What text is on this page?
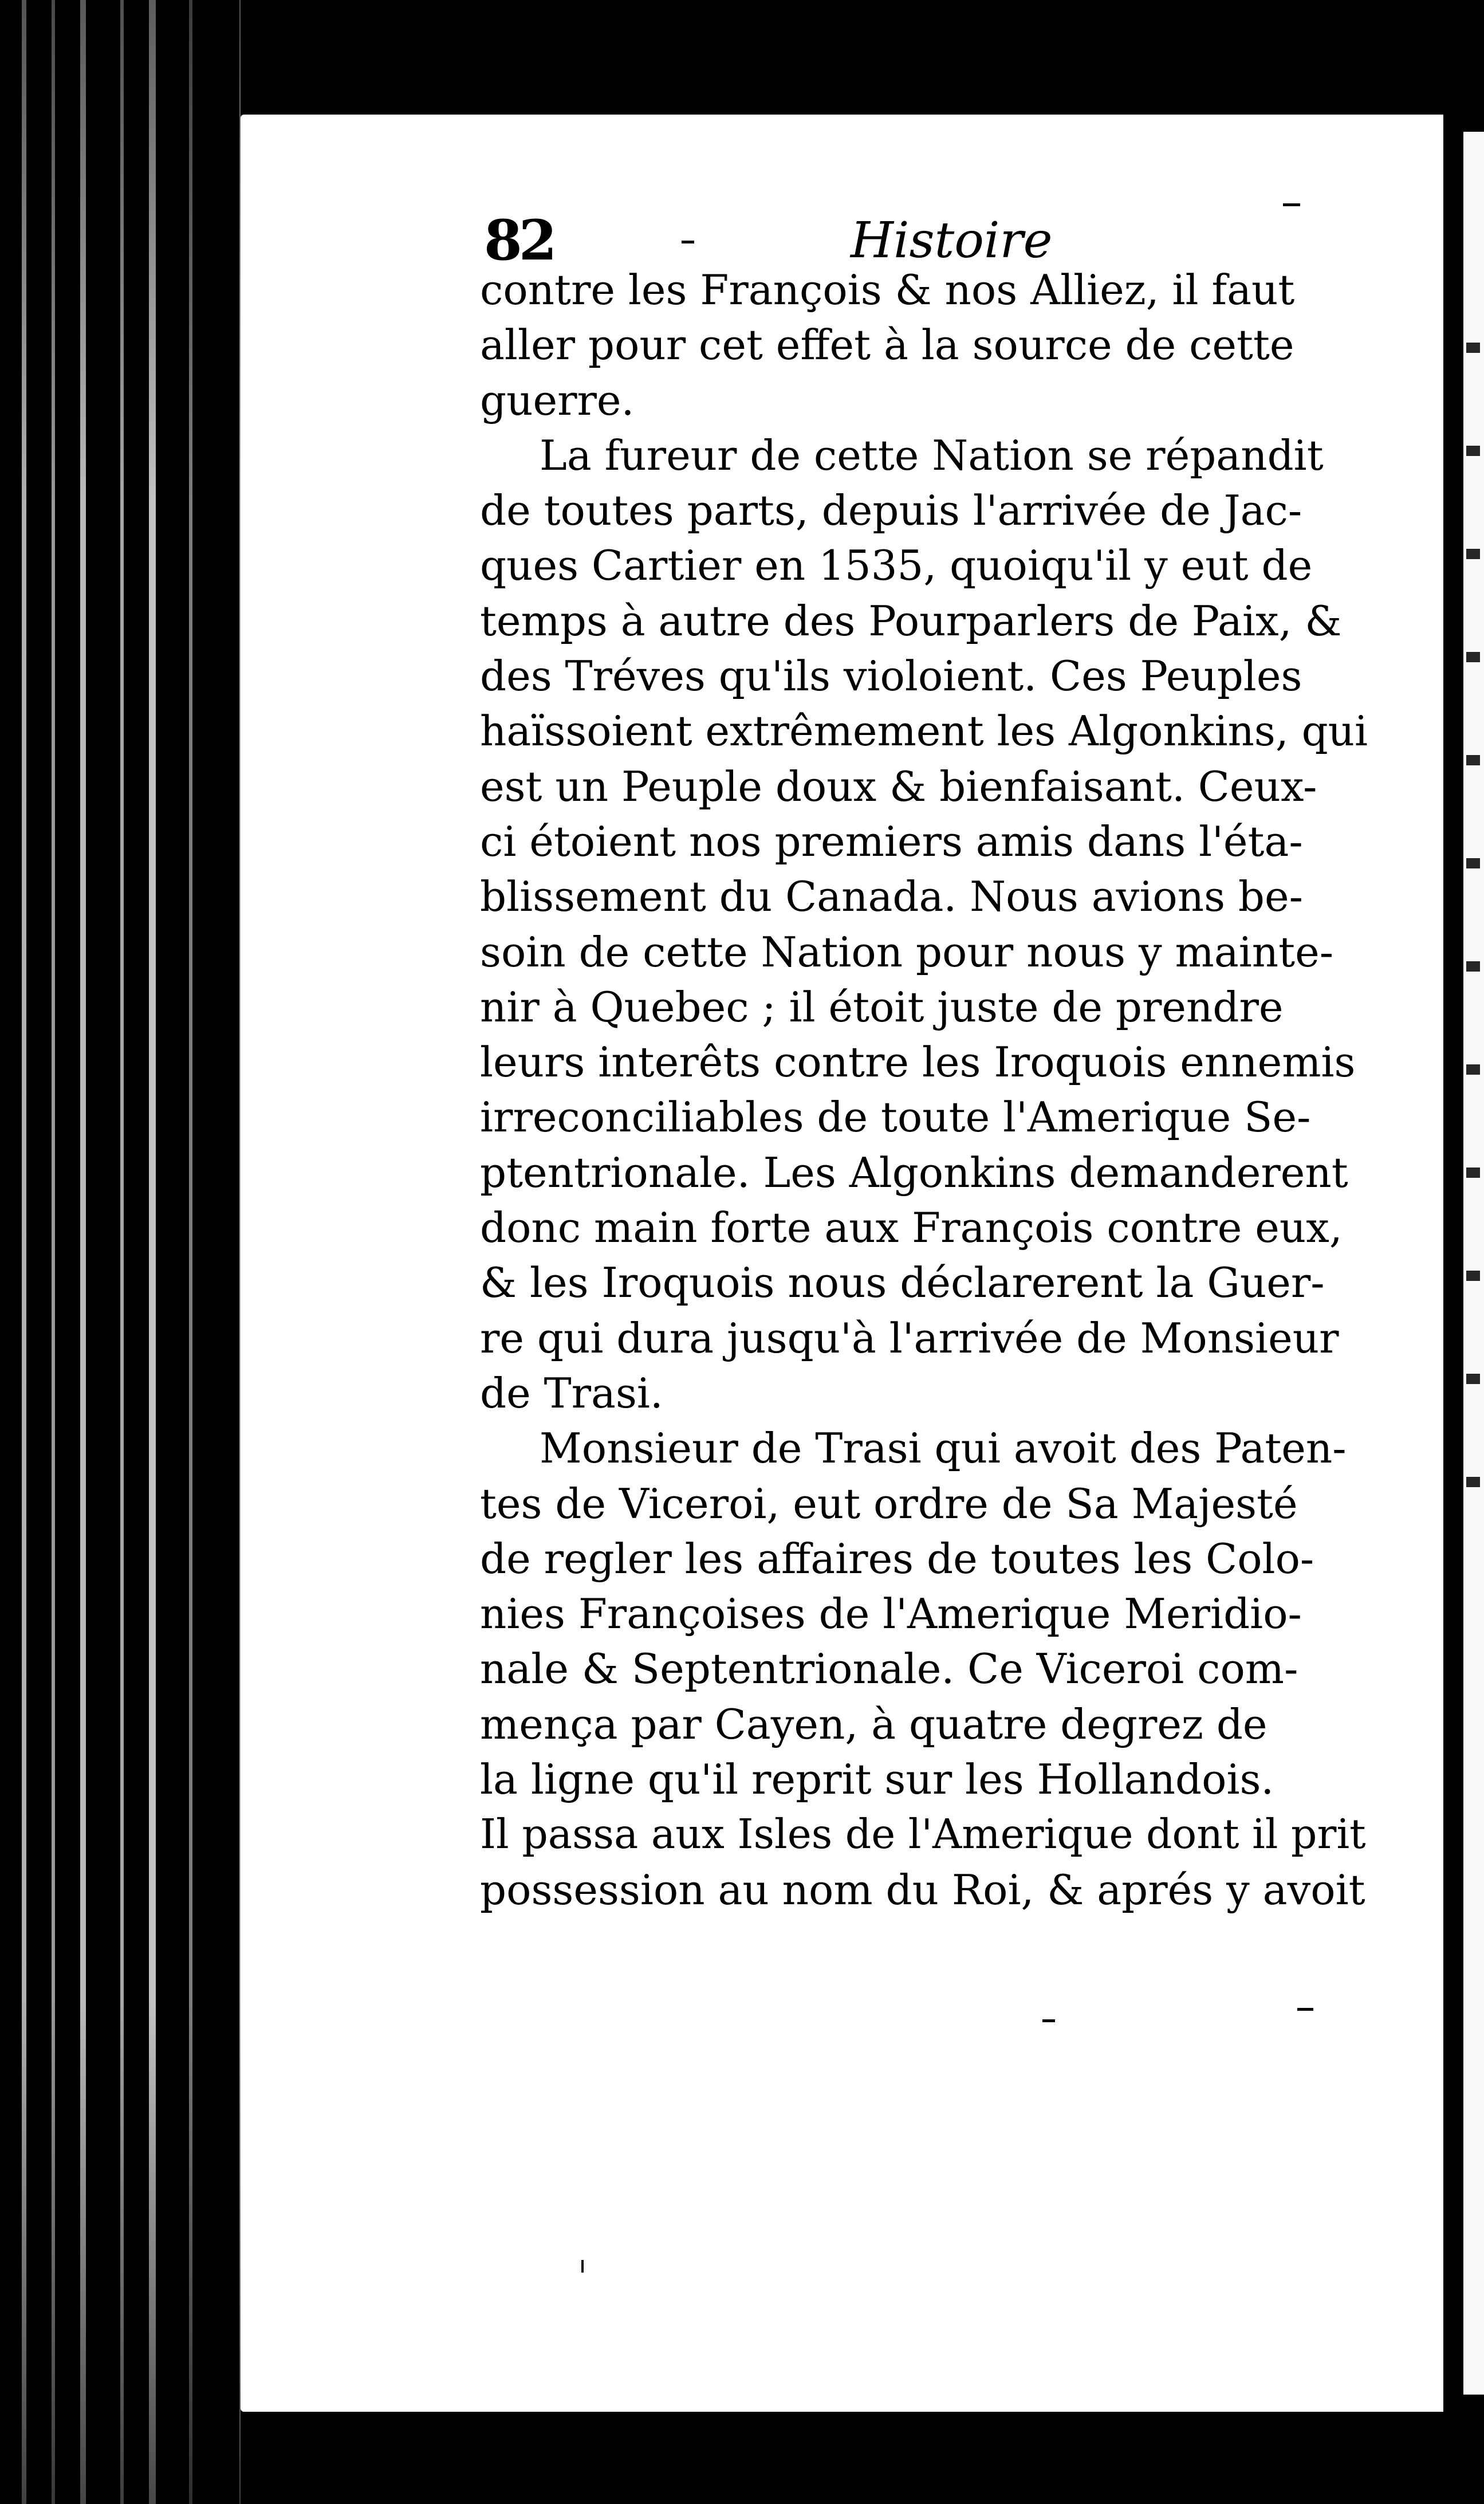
82	Histoire
contre les François & nos Alliez, il faut
aller pour cet effet à la source de cette
guerre.
La fureur de cette Nation se répandit
de toutes parts, depuis l'arrivée de Jac-
ques Cartier en 1535, quoiqu'il y eut de
temps à autre des Pourparlers de Paix, &
des Tréves qu'ils violoient. Ces Peuples
haïssoient extrêmement les Algonkins, qui
est un Peuple doux & bienfaisant. Ceux-
ci étoient nos premiers amis dans l'éta-
blissement du Canada. Nous avions be-
soin de cette Nation pour nous y mainte-
nir à Quebec ; il étoit juste de prendre
leurs interêts contre les Iroquois ennemis
irreconciliables de toute l'Amerique Se-
ptentrionale. Les Algonkins demanderent
donc main forte aux François contre eux,
& les Iroquois nous déclarerent la Guer-
re qui dura jusqu'à l'arrivée de Monsieur
de Trasi.
Monsieur de Trasi qui avoit des Paten-
tes de Viceroi, eut ordre de Sa Majesté
de regler les affaires de toutes les Colo-
nies Françoises de l'Amerique Meridio-
nale & Septentrionale. Ce Viceroi com-
mença par Cayen, à quatre degrez de
la ligne qu'il reprit sur les Hollandois.
Il passa aux Isles de l'Amerique dont il prit
possession au nom du Roi, & aprés y avoit
